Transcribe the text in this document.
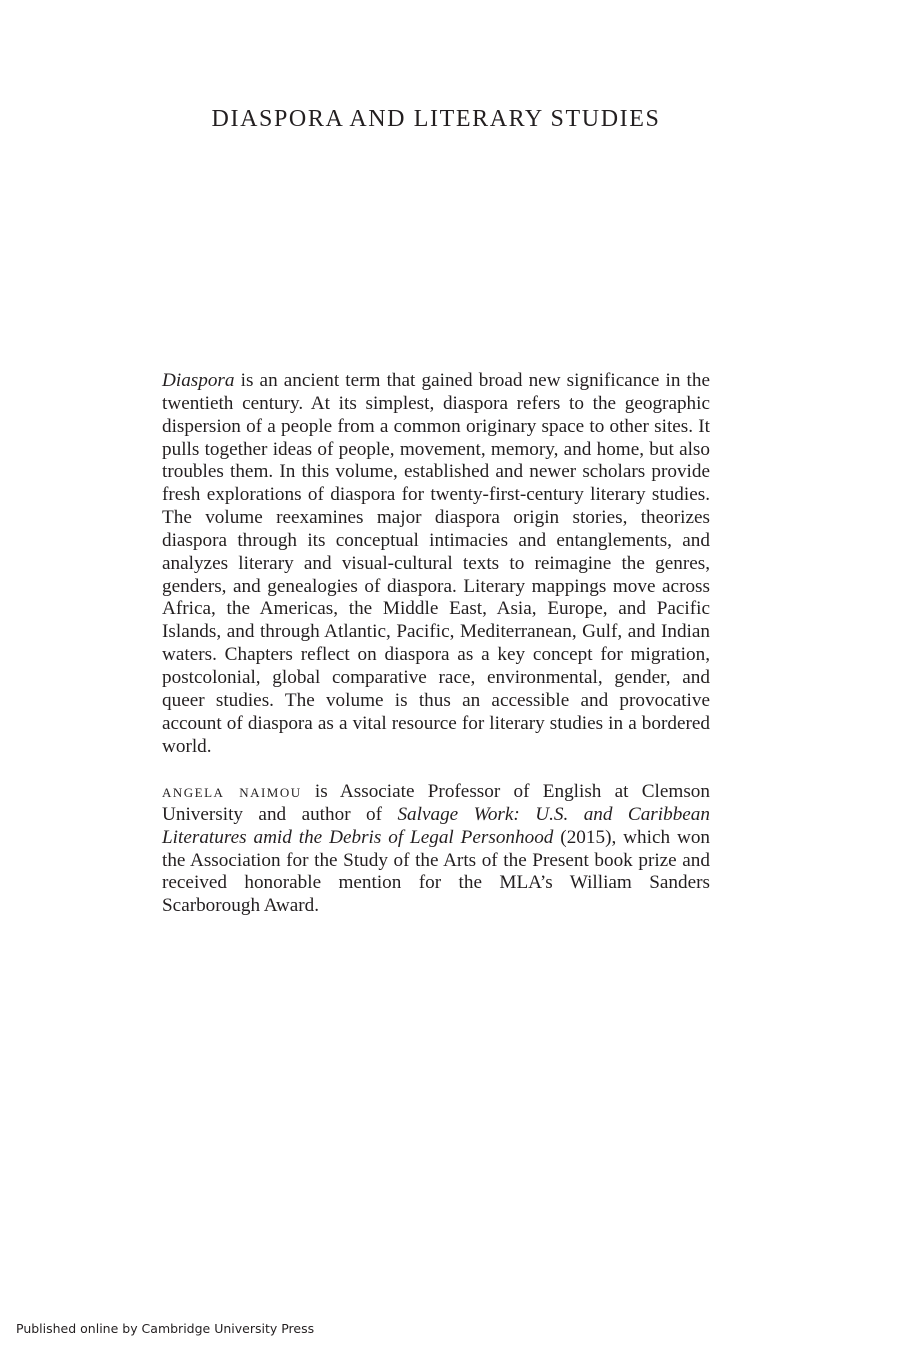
DIASPORA AND LITERARY STUDIES

Diaspora is an ancient term that gained broad new significance in the twentieth century. At its simplest, diaspora refers to the geographic dispersion of a people from a common originary space to other sites. It pulls together ideas of people, movement, memory, and home, but also troubles them. In this volume, established and newer scholars provide fresh explorations of diaspora for twenty-first-century literary studies. The volume reexamines major diaspora origin stories, theorizes diaspora through its conceptual intimacies and entanglements, and analyzes literary and visual-cultural texts to reimagine the genres, genders, and genealogies of diaspora. Literary mappings move across Africa, the Americas, the Middle East, Asia, Europe, and Pacific Islands, and through Atlantic, Pacific, Mediterranean, Gulf, and Indian waters. Chapters reflect on diaspora as a key concept for migration, postcolonial, global comparative race, environmental, gender, and queer studies. The volume is thus an accessible and provocative account of diaspora as a vital resource for literary studies in a bordered world.

angela naimou is Associate Professor of English at Clemson University and author of Salvage Work: U.S. and Caribbean Literatures amid the Debris of Legal Personhood (2015), which won the Association for the Study of the Arts of the Present book prize and received honorable mention for the MLA’s William Sanders Scarborough Award.

Published online by Cambridge University Press
